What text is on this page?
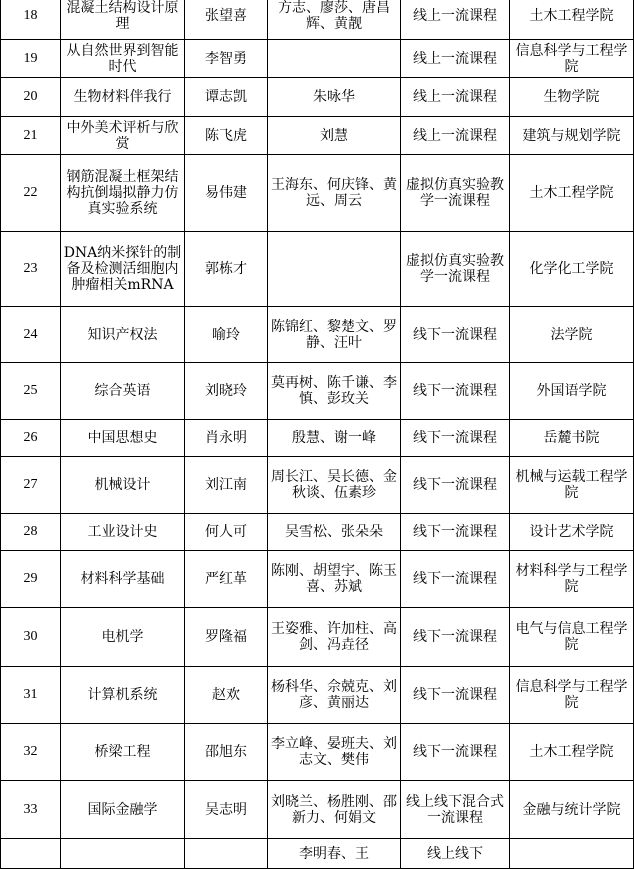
18	混凝土结构设计原理	张望喜	方志、廖莎、唐昌辉、黄靓	线上一流课程	土木工程学院
19	从自然世界到智能时代	李智勇		线上一流课程	信息科学与工程学院
20	生物材料伴我行	谭志凯	朱咏华	线上一流课程	生物学院
21	中外美术评析与欣赏	陈飞虎	刘慧	线上一流课程	建筑与规划学院
22	钢筋混凝土框架结构抗倒塌拟静力仿真实验系统	易伟建	王海东、何庆锋、黄远、周云	虚拟仿真实验教学一流课程	土木工程学院
23	DNA纳米探针的制备及检测活细胞内肿瘤相关mRNA	郭栋才		虚拟仿真实验教学一流课程	化学化工学院
24	知识产权法	喻玲	陈锦红、黎楚文、罗静、汪叶	线下一流课程	法学院
25	综合英语	刘晓玲	莫再树、陈千谦、李慎、彭玫关	线下一流课程	外国语学院
26	中国思想史	肖永明	殷慧、谢一峰	线下一流课程	岳麓书院
27	机械设计	刘江南	周长江、吴长德、金秋谈、伍素珍	线下一流课程	机械与运载工程学院
28	工业设计史	何人可	吴雪松、张朵朵	线下一流课程	设计艺术学院
29	材料科学基础	严红革	陈刚、胡望宇、陈玉喜、苏斌	线下一流课程	材料科学与工程学院
30	电机学	罗隆福	王姿雅、许加柱、高剑、冯垚径	线下一流课程	电气与信息工程学院
31	计算机系统	赵欢	杨科华、佘兢克、刘彦、黄丽达	线下一流课程	信息科学与工程学院
32	桥梁工程	邵旭东	李立峰、晏班夫、刘志文、樊伟	线下一流课程	土木工程学院
33	国际金融学	吴志明	刘晓兰、杨胜刚、邵新力、何娟文	线上线下混合式一流课程	金融与统计学院
			李明春、王	线上线下	
